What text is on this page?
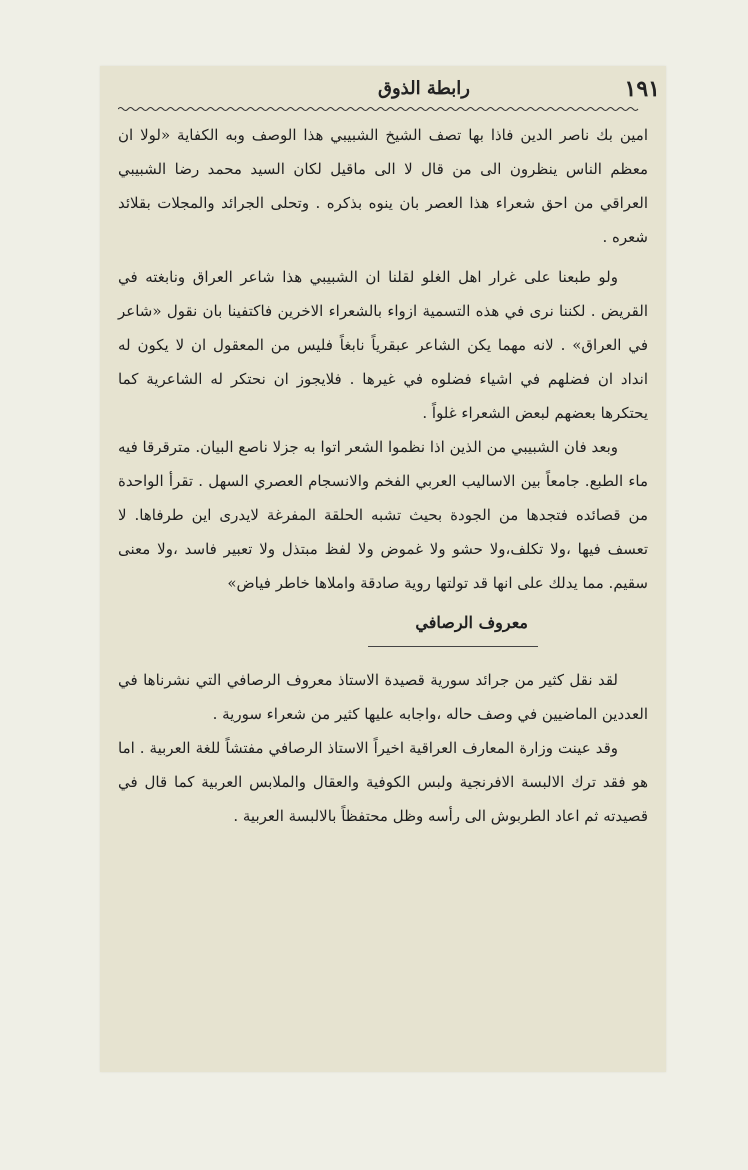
١٩١
رابطة الذوق

امين بك ناصر الدين فاذا بها تصف الشيخ الشبيبي هذا الوصف وبه الكفاية «لولا ان معظم الناس ينظرون الى من قال لا الى ماقيل لكان السيد محمد رضا الشبيبي العراقي من احق شعراء هذا العصر بان ينوه بذكره . وتحلى الجرائد والمجلات بقلائد شعره .

ولو طبعنا على غرار اهل الغلو لقلنا ان الشبيبي هذا شاعر العراق ونابغته في القريض . لكننا نرى في هذه التسمية ازواء بالشعراء الاخرين فاكتفينا بان نقول «شاعر في العراق» . لانه مهما يكن الشاعر عبقرياً نابغاً فليس من المعقول ان لا يكون له انداد ان فضلهم في اشياء فضلوه في غيرها . فلايجوز ان نحتكر له الشاعرية كما يحتكرها بعضهم لبعض الشعراء غلواً .

وبعد فان الشبيبي من الذين اذا نظموا الشعر اتوا به جزلا ناصع البيان. مترقرقا فيه ماء الطبع. جامعاً بين الاساليب العربي الفخم والانسجام العصري السهل . تقرأ الواحدة من قصائده فتجدها من الجودة بحيث تشبه الحلقة المفرغة لايدرى اين طرفاها. لا تعسف فيها ،ولا تكلف،ولا حشو ولا غموض ولا لفظ مبتذل ولا تعبير فاسد ،ولا معنى سقيم. مما يدلك على انها قد تولتها روية صادقة واملاها خاطر فياض»

معروف الرصافي

لقد نقل كثير من جرائد سورية قصيدة الاستاذ معروف الرصافي التي نشرناها في العددين الماضيين في وصف حاله ،واجابه عليها كثير من شعراء سورية .

وقد عينت وزارة المعارف العراقية اخيراً الاستاذ الرصافي مفتشاً للغة العربية . اما هو فقد ترك الالبسة الافرنجية ولبس الكوفية والعقال والملابس العربية كما قال في قصيدته ثم اعاد الطربوش الى رأسه وظل محتفظاً بالالبسة العربية .
